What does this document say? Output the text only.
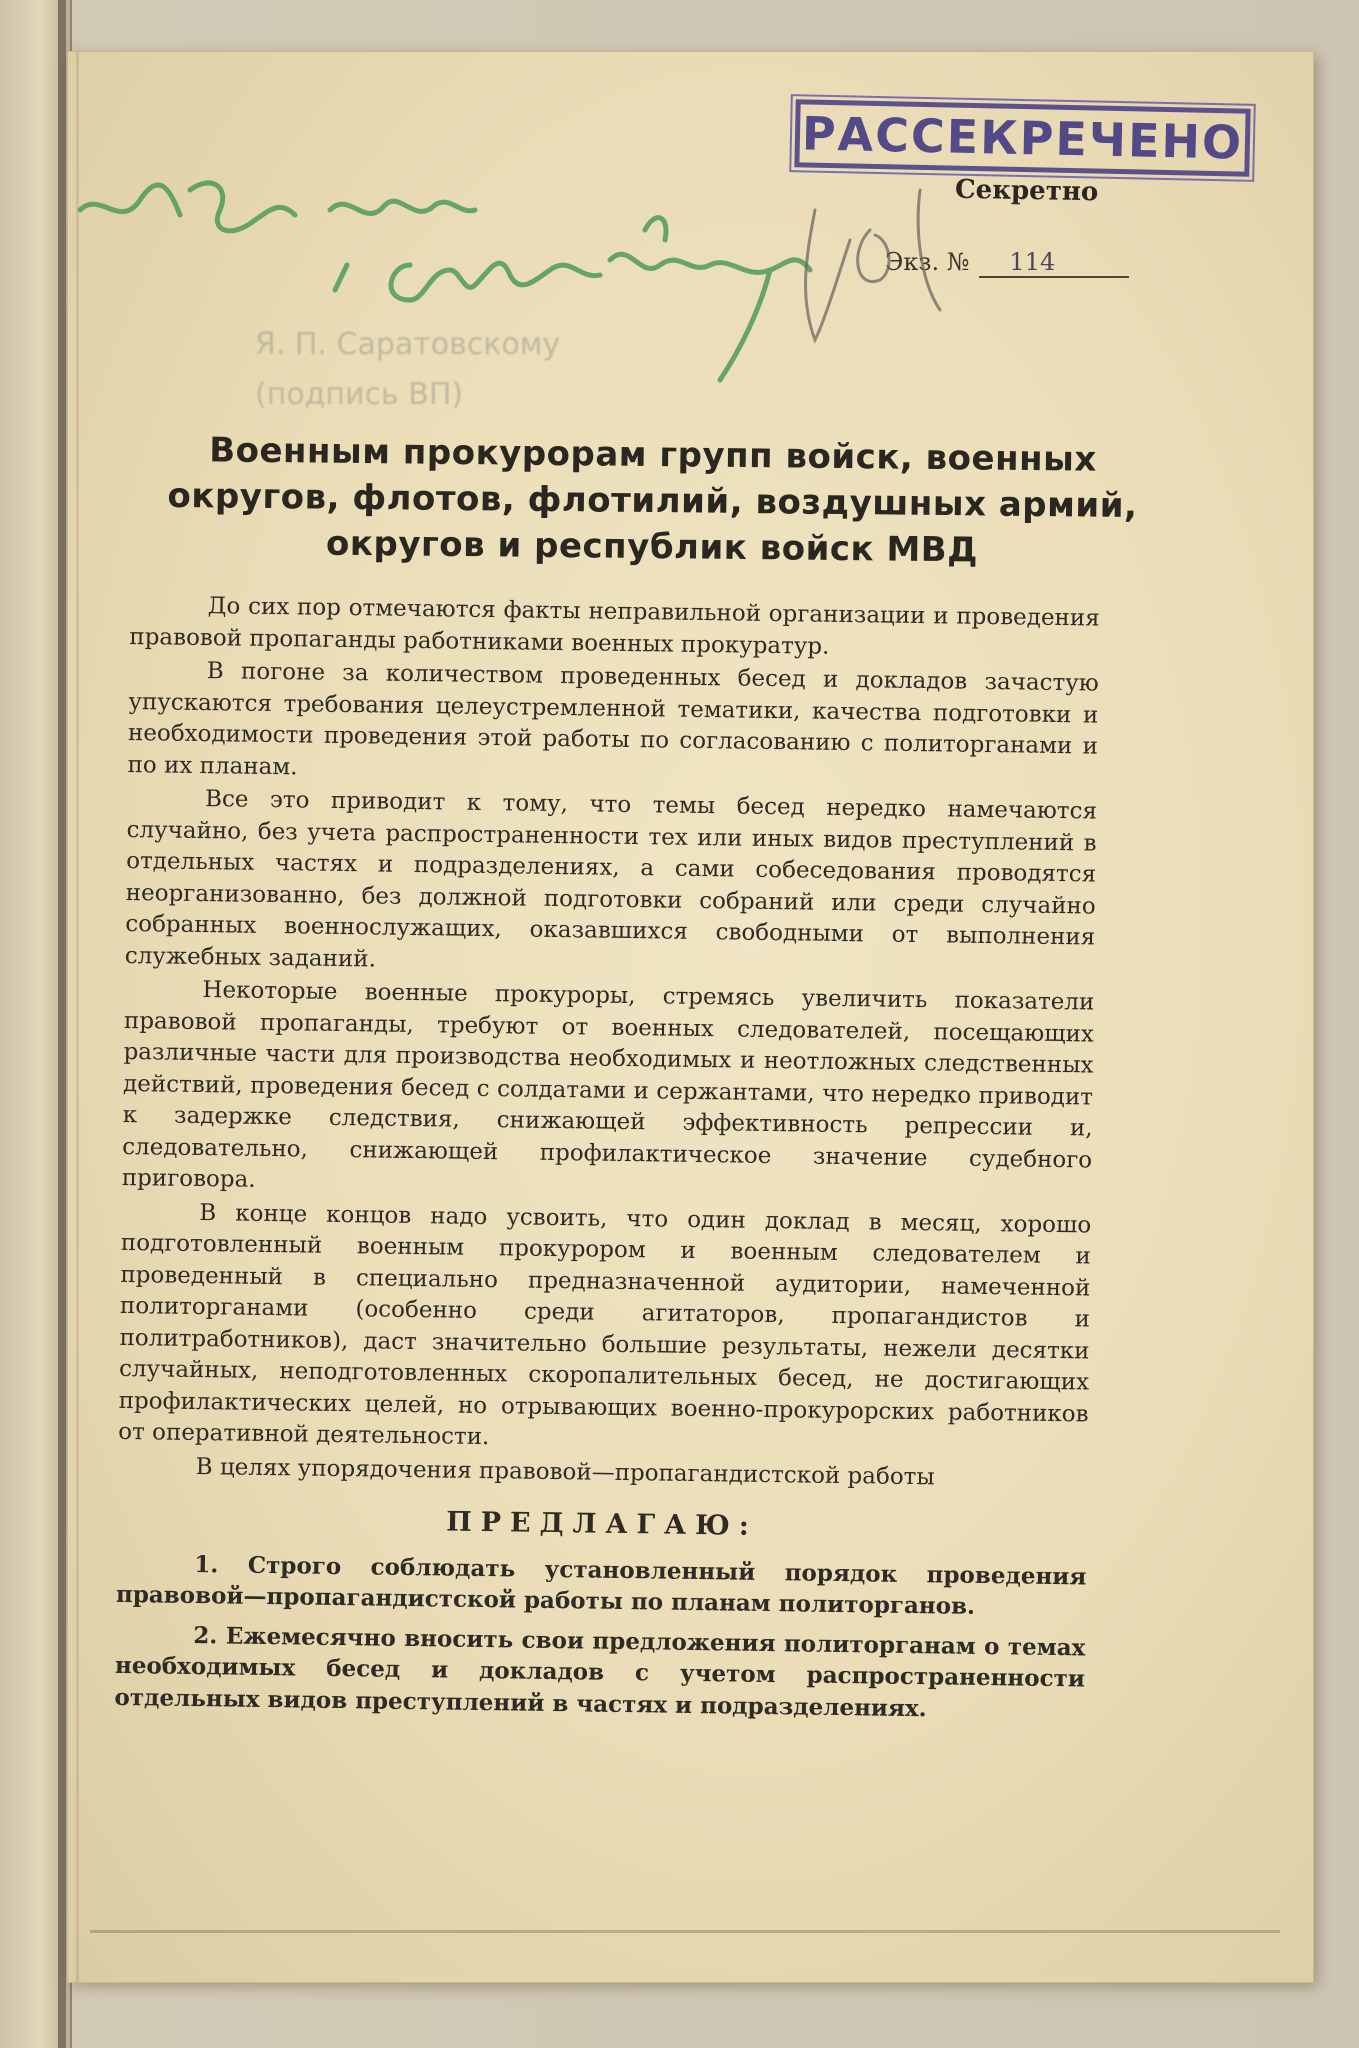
РАССЕКРЕЧЕНО
Секретно
Экз. №	114
Я. П. Саратовскому
(подпись ВП)
Военным прокурорам групп войск, военных
округов, флотов, флотилий, воздушных армий,
округов и республик войск МВД

До сих пор отмечаются факты неправильной организации и проведения правовой пропаганды работниками военных прокуратур.

В погоне за количеством проведенных бесед и докладов зачастую упускаются требования целеустремленной тематики, качества подготовки и необходимости проведения этой работы по согласованию с политорганами и по их планам.

Все это приводит к тому, что темы бесед нередко намечаются случайно, без учета распространенности тех или иных видов преступлений в отдельных частях и подразделениях, а сами собеседования проводятся неорганизованно, без должной подготовки собраний или среди случайно собранных военнослужащих, оказавшихся свободными от выполнения служебных заданий.

Некоторые военные прокуроры, стремясь увеличить показатели правовой пропаганды, требуют от военных следователей, посещающих различные части для производства необходимых и неотложных следственных действий, проведения бесед с солдатами и сержантами, что нередко приводит к задержке следствия, снижающей эффективность репрессии и, следовательно, снижающей профилактическое значение судебного приговора.

В конце концов надо усвоить, что один доклад в месяц, хорошо подготовленный военным прокурором и военным следователем и проведенный в специально предназначенной аудитории, намеченной политорганами (особенно среди агитаторов, пропагандистов и политработников), даст значительно большие результаты, нежели десятки случайных, неподготовленных скоропалительных бесед, не достигающих профилактических целей, но отрывающих военно-прокурорских работников от оперативной деятельности.

В целях упорядочения правовой—пропагандистской работы

ПРЕДЛАГАЮ:

1. Строго соблюдать установленный порядок проведения правовой—пропагандистской работы по планам политорганов.

2. Ежемесячно вносить свои предложения политорганам о темах необходимых бесед и докладов с учетом распространенности отдельных видов преступлений в частях и подразделениях.
